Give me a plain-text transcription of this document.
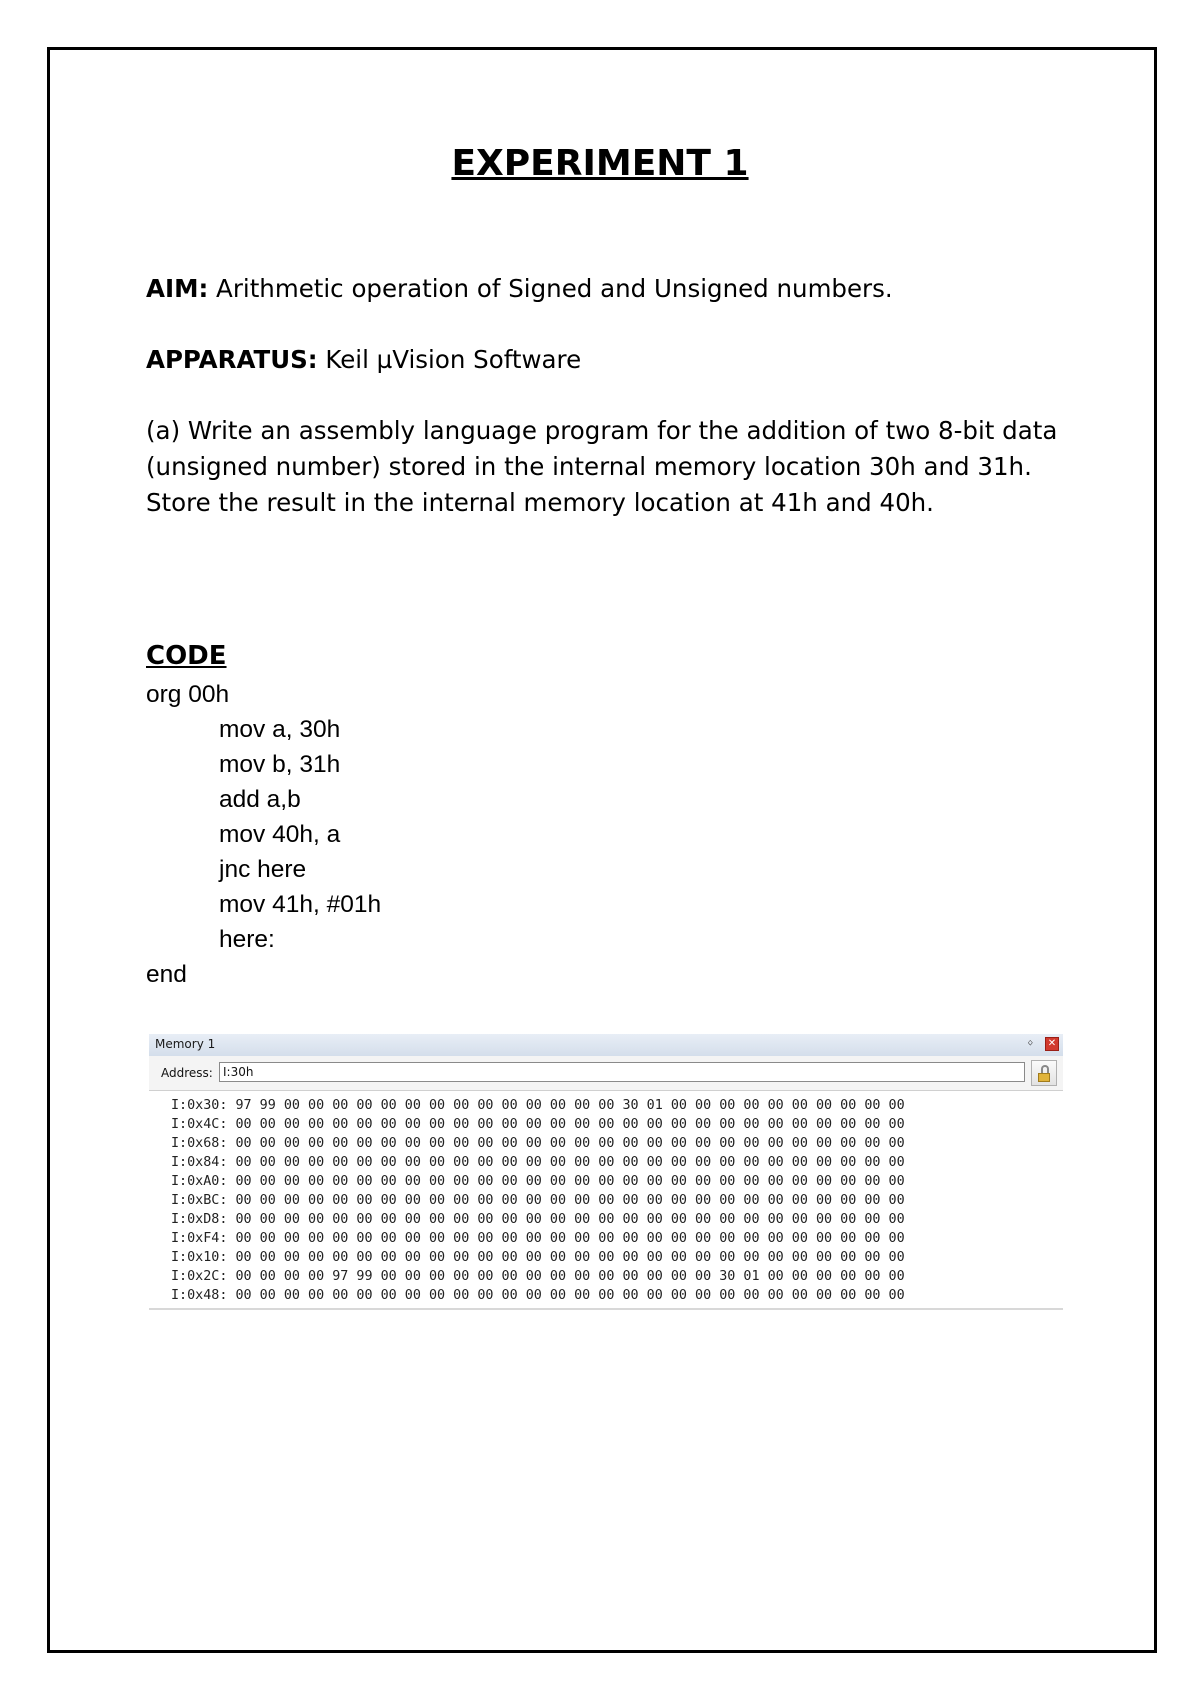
EXPERIMENT 1
AIM: Arithmetic operation of Signed and Unsigned numbers.
APPARATUS: Keil µVision Software
(a) Write an assembly language program for the addition of two 8-bit data (unsigned number) stored in the internal memory location 30h and 31h. Store the result in the internal memory location at 41h and 40h.
CODE
org 00h
mov a, 30h
mov b, 31h
add a,b
mov 40h, a
jnc here
mov 41h, #01h
here:
end
Memory 1	ᛜ	✕
Address: I:30h
I:0x30: 97 99 00 00 00 00 00 00 00 00 00 00 00 00 00 00 30 01 00 00 00 00 00 00 00 00 00 00
I:0x4C: 00 00 00 00 00 00 00 00 00 00 00 00 00 00 00 00 00 00 00 00 00 00 00 00 00 00 00 00
I:0x68: 00 00 00 00 00 00 00 00 00 00 00 00 00 00 00 00 00 00 00 00 00 00 00 00 00 00 00 00
I:0x84: 00 00 00 00 00 00 00 00 00 00 00 00 00 00 00 00 00 00 00 00 00 00 00 00 00 00 00 00
I:0xA0: 00 00 00 00 00 00 00 00 00 00 00 00 00 00 00 00 00 00 00 00 00 00 00 00 00 00 00 00
I:0xBC: 00 00 00 00 00 00 00 00 00 00 00 00 00 00 00 00 00 00 00 00 00 00 00 00 00 00 00 00
I:0xD8: 00 00 00 00 00 00 00 00 00 00 00 00 00 00 00 00 00 00 00 00 00 00 00 00 00 00 00 00
I:0xF4: 00 00 00 00 00 00 00 00 00 00 00 00 00 00 00 00 00 00 00 00 00 00 00 00 00 00 00 00
I:0x10: 00 00 00 00 00 00 00 00 00 00 00 00 00 00 00 00 00 00 00 00 00 00 00 00 00 00 00 00
I:0x2C: 00 00 00 00 97 99 00 00 00 00 00 00 00 00 00 00 00 00 00 00 30 01 00 00 00 00 00 00
I:0x48: 00 00 00 00 00 00 00 00 00 00 00 00 00 00 00 00 00 00 00 00 00 00 00 00 00 00 00 00
